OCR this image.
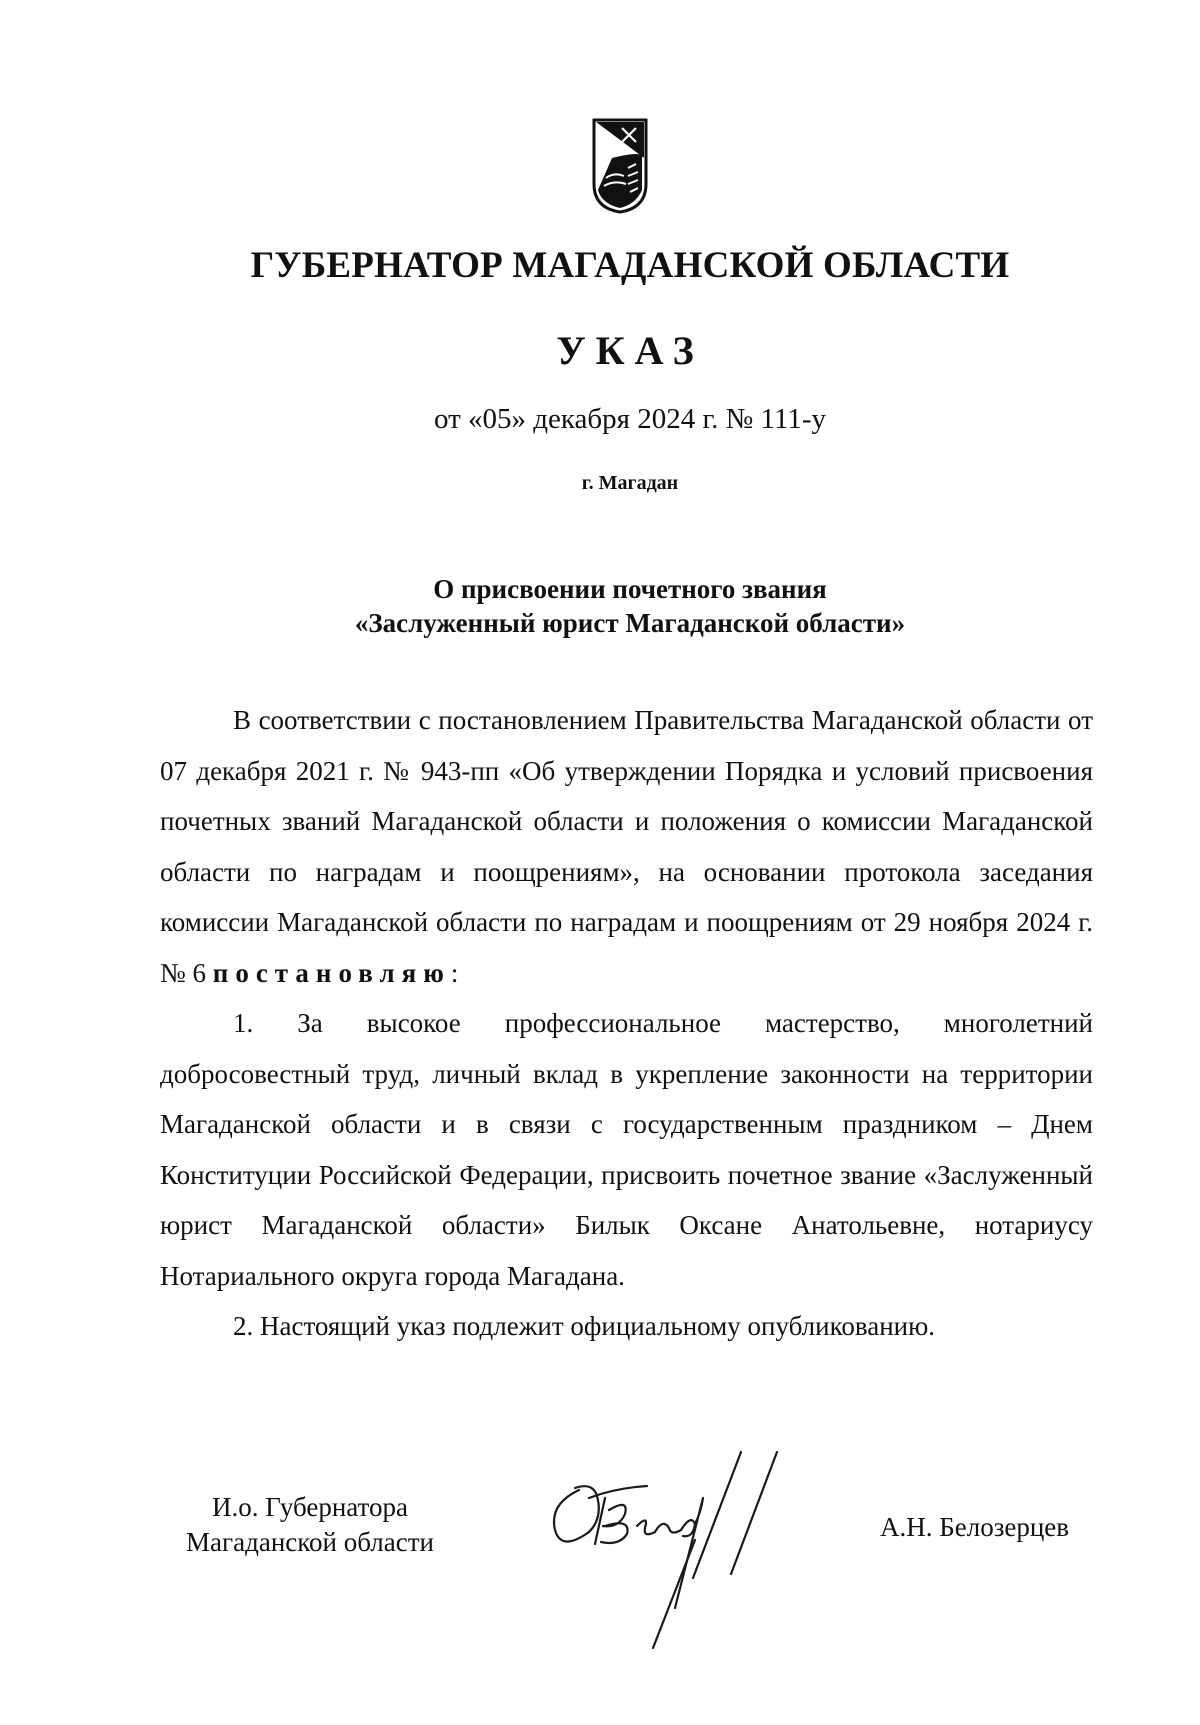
ГУБЕРНАТОР МАГАДАНСКОЙ ОБЛАСТИ
УКАЗ
от «05» декабря 2024 г. № 111-у
г. Магадан
О присвоении почетного звания
«Заслуженный юрист Магаданской области»

В соответствии с постановлением Правительства Магаданской области от 07 декабря 2021 г. № 943-пп «Об утверждении Порядка и условий присвоения почетных званий Магаданской области и положения о комиссии Магаданской области по наградам и поощрениям», на основании протокола заседания комиссии Магаданской области по наградам и поощрениям от 29 ноября 2024 г. № 6 постановляю:

1. За высокое профессиональное мастерство, многолетний добросовестный труд, личный вклад в укрепление законности на территории Магаданской области и в связи с государственным праздником – Днем Конституции Российской Федерации, присвоить почетное звание «Заслуженный юрист Магаданской области» Билык Оксане Анатольевне, нотариусу Нотариального округа города Магадана.

2. Настоящий указ подлежит официальному опубликованию.

И.о. Губернатора
Магаданской области	А.Н. Белозерцев
